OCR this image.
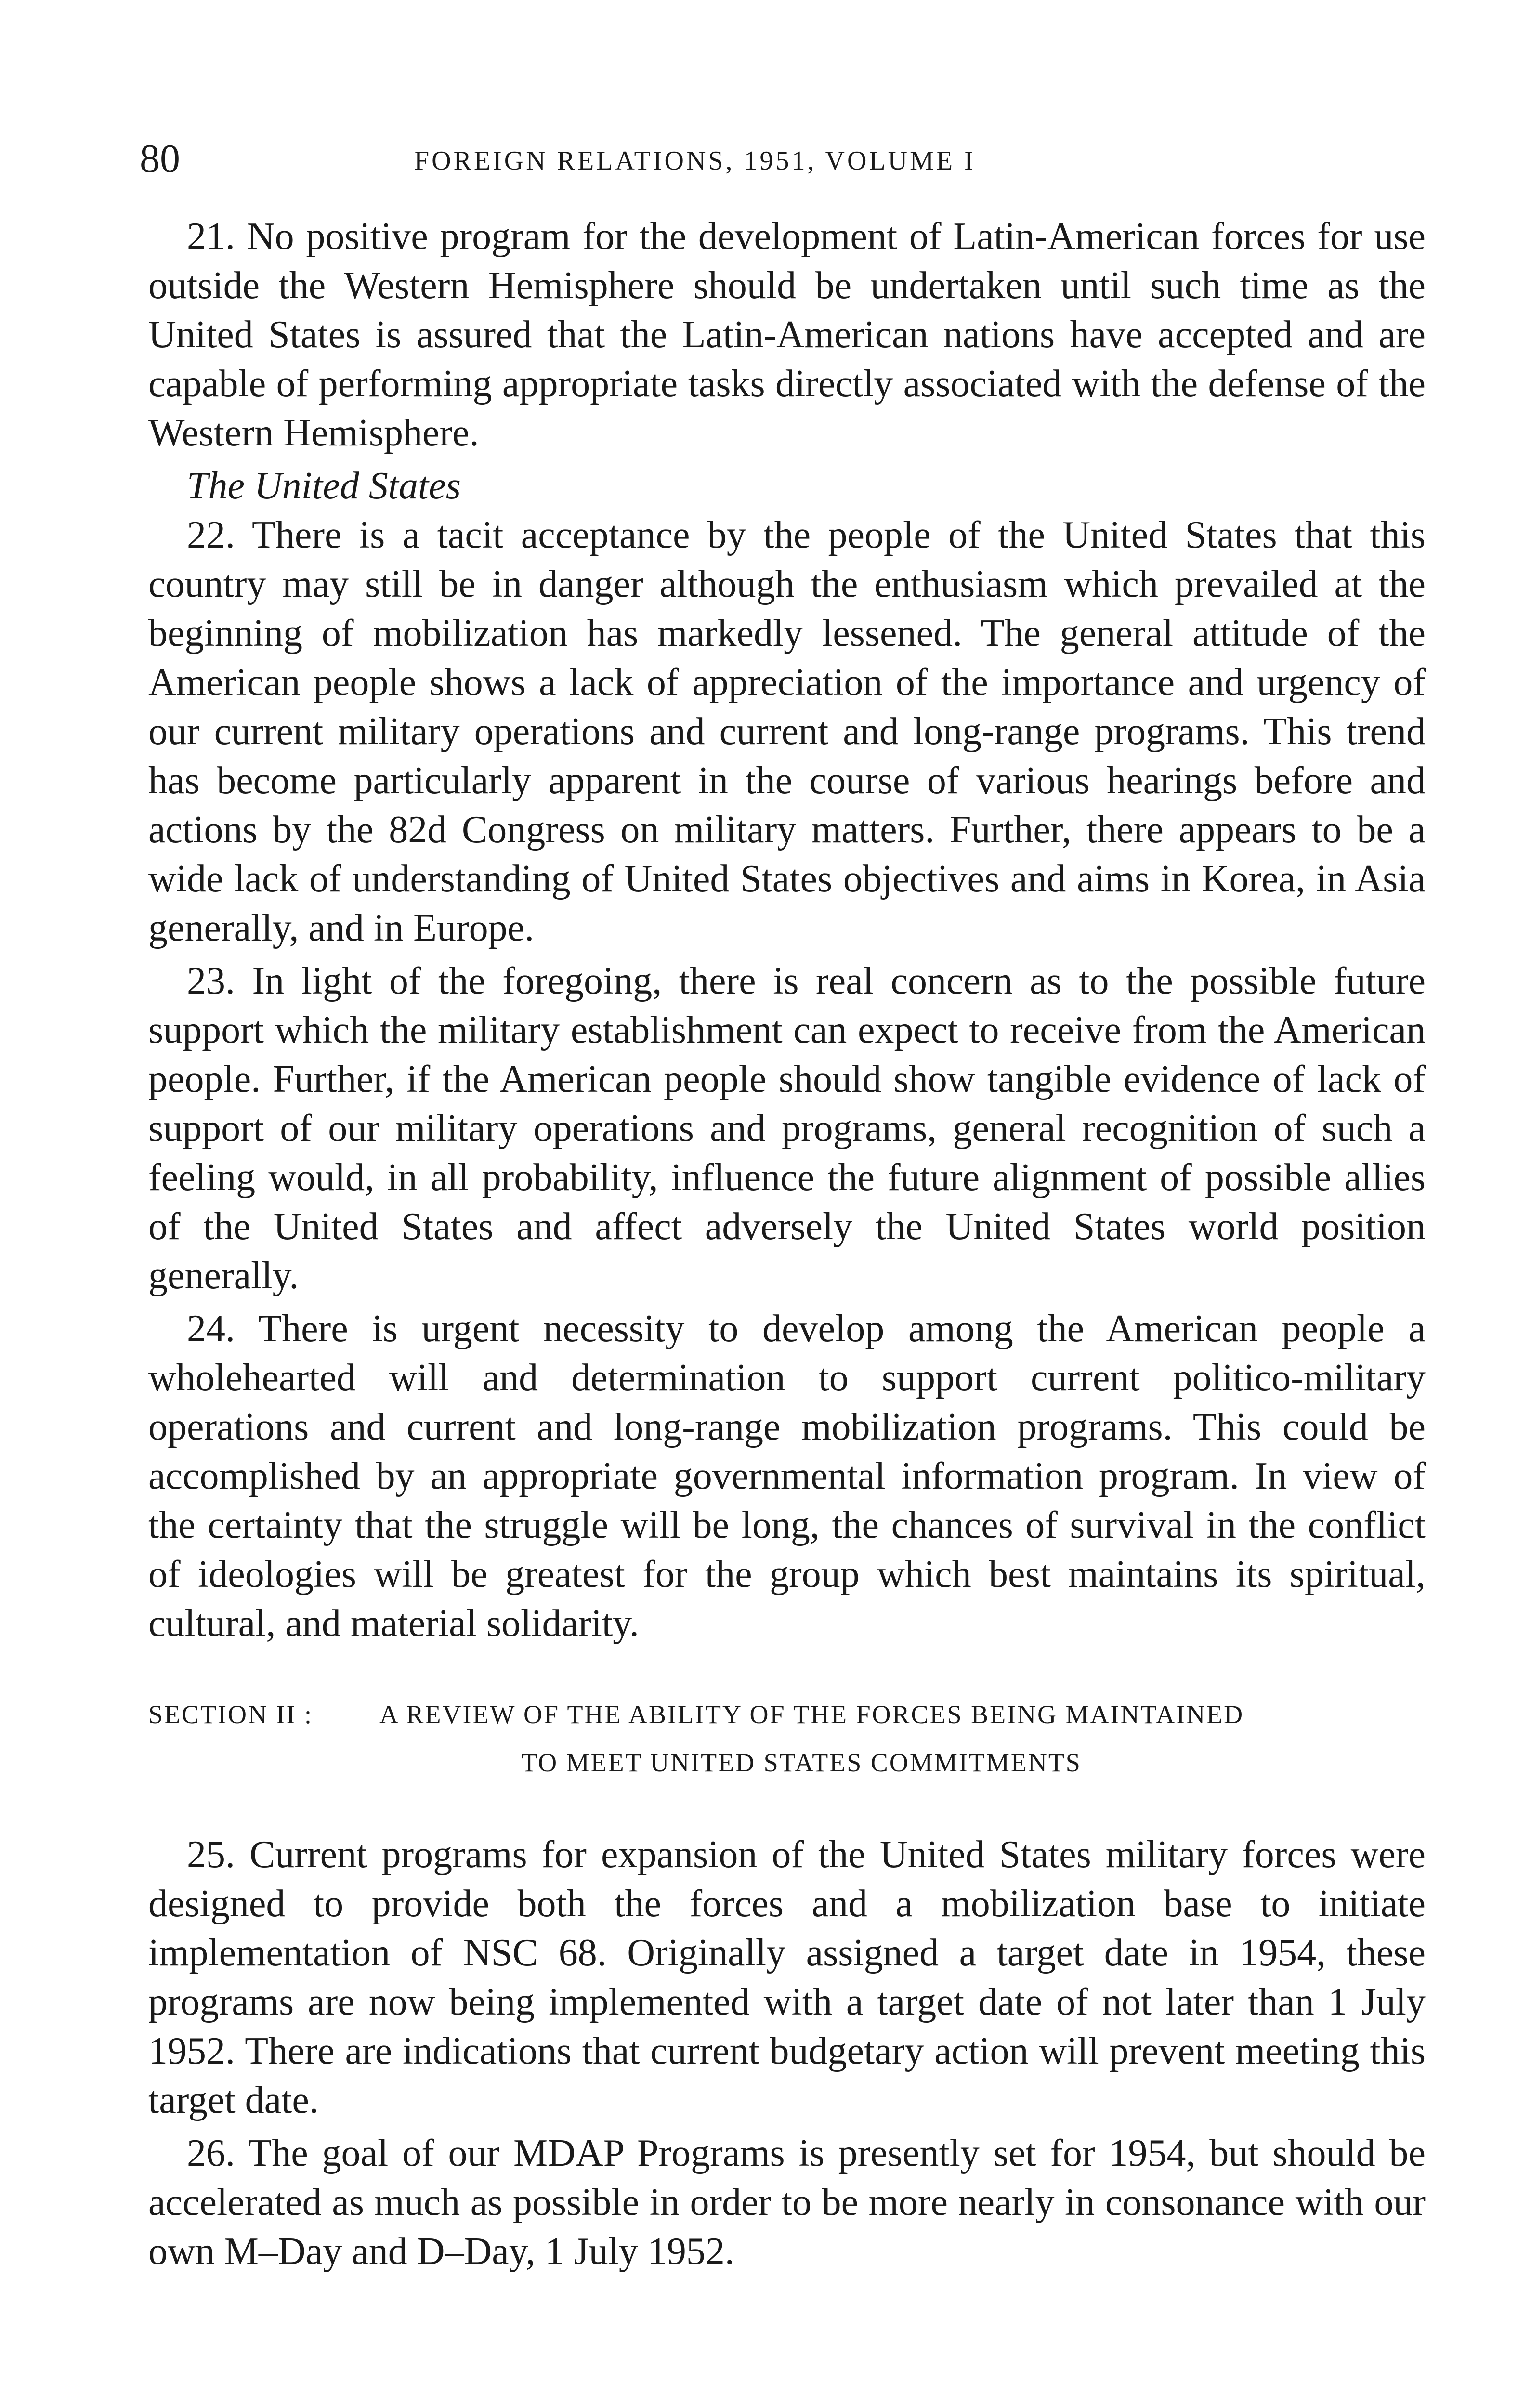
80	FOREIGN RELATIONS, 1951, VOLUME I

21. No positive program for the development of Latin-American forces for use outside the Western Hemisphere should be undertaken until such time as the United States is assured that the Latin-American nations have accepted and are capable of performing appropriate tasks directly associated with the defense of the Western Hemisphere.

The United States

22. There is a tacit acceptance by the people of the United States that this country may still be in danger although the enthusiasm which prevailed at the beginning of mobilization has markedly lessened. The general attitude of the American people shows a lack of appreciation of the importance and urgency of our current military operations and current and long-range programs. This trend has become particularly apparent in the course of various hearings before and actions by the 82d Congress on military matters. Further, there appears to be a wide lack of understanding of United States objectives and aims in Korea, in Asia generally, and in Europe.

23. In light of the foregoing, there is real concern as to the possible future support which the military establishment can expect to receive from the American people. Further, if the American people should show tangible evidence of lack of support of our military operations and programs, general recognition of such a feeling would, in all probability, influence the future alignment of possible allies of the United States and affect adversely the United States world position generally.

24. There is urgent necessity to develop among the American people a wholehearted will and determination to support current politico-military operations and current and long-range mobilization programs. This could be accomplished by an appropriate governmental information program. In view of the certainty that the struggle will be long, the chances of survival in the conflict of ideologies will be greatest for the group which best maintains its spiritual, cultural, and material solidarity.

SECTION II :	A REVIEW OF THE ABILITY OF THE FORCES BEING MAINTAINED
TO MEET UNITED STATES COMMITMENTS

25. Current programs for expansion of the United States military forces were designed to provide both the forces and a mobilization base to initiate implementation of NSC 68. Originally assigned a target date in 1954, these programs are now being implemented with a target date of not later than 1 July 1952. There are indications that current budgetary action will prevent meeting this target date.

26. The goal of our MDAP Programs is presently set for 1954, but should be accelerated as much as possible in order to be more nearly in consonance with our own M–Day and D–Day, 1 July 1952.
